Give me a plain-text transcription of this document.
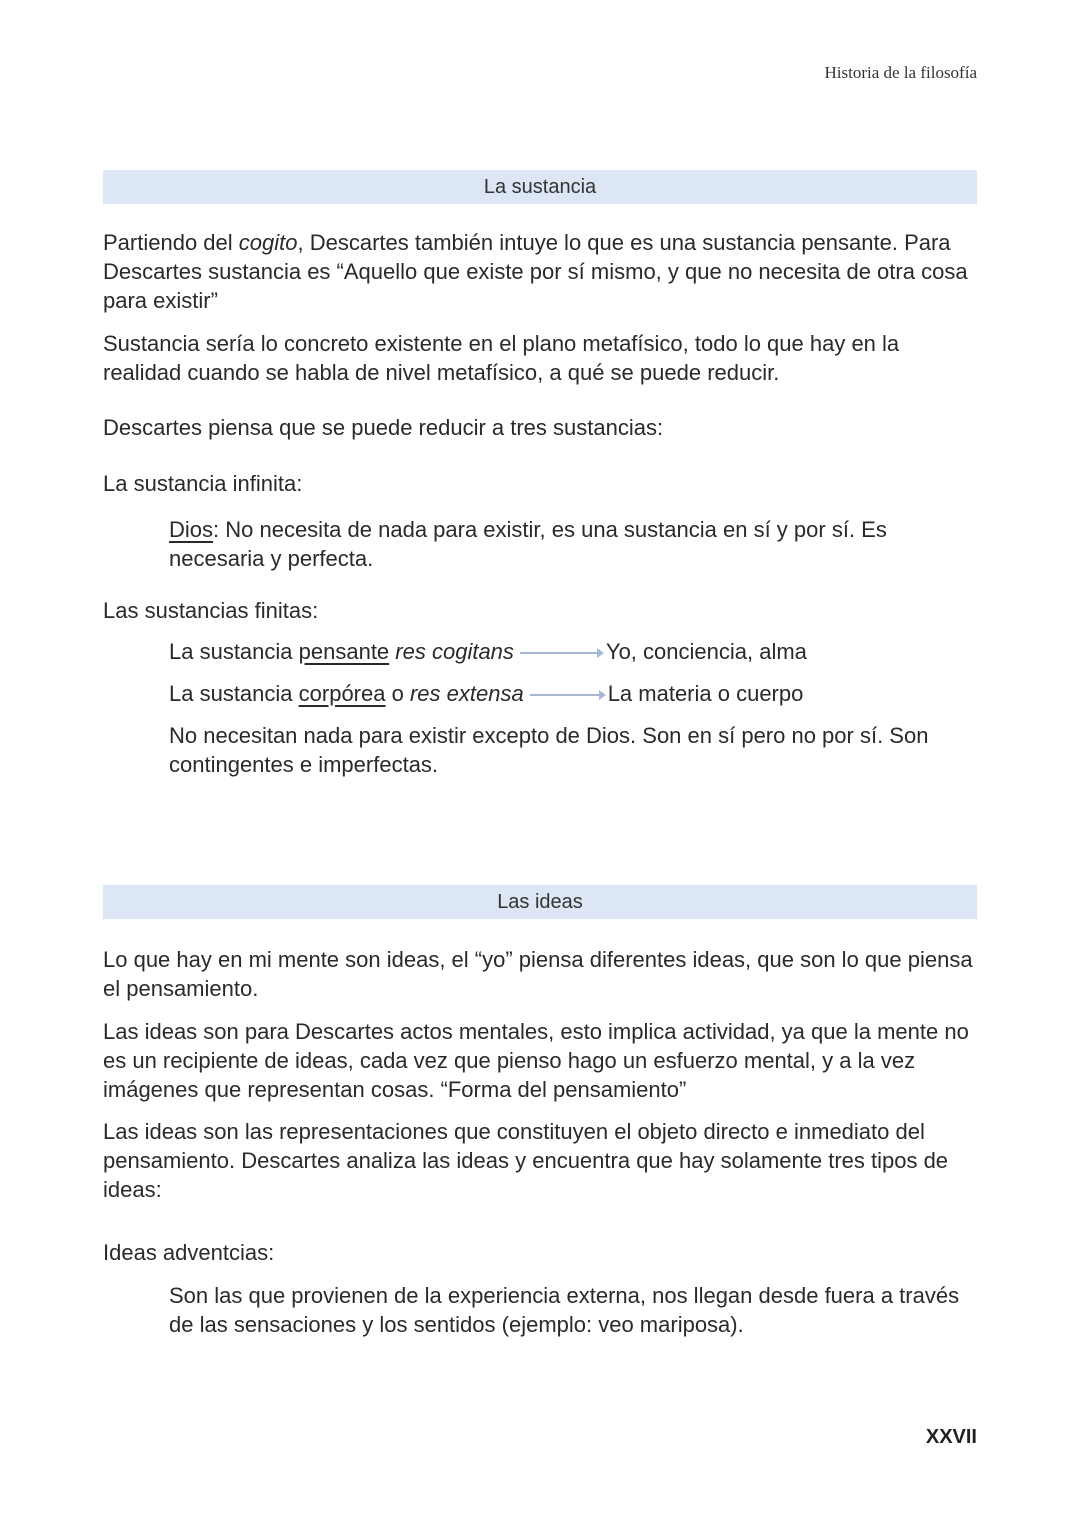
Historia de la filosofía
La sustancia
Partiendo del cogito, Descartes también intuye lo que es una sustancia pensante. Para Descartes sustancia es “Aquello que existe por sí mismo, y que no necesita de otra cosa para existir”
Sustancia sería lo concreto existente en el plano metafísico, todo lo que hay en la realidad cuando se habla de nivel metafísico, a qué se puede reducir.
Descartes piensa que se puede reducir a tres sustancias:
La sustancia infinita:
Dios: No necesita de nada para existir, es una sustancia en sí y por sí. Es necesaria y perfecta.
Las sustancias finitas:
La sustancia pensante res cogitans	Yo, conciencia, alma
La sustancia corpórea o res extensa	La materia o cuerpo
No necesitan nada para existir excepto de Dios. Son en sí pero no por sí. Son contingentes e imperfectas.
Las ideas
Lo que hay en mi mente son ideas, el “yo” piensa diferentes ideas, que son lo que piensa el pensamiento.
Las ideas son para Descartes actos mentales, esto implica actividad, ya que la mente no es un recipiente de ideas, cada vez que pienso hago un esfuerzo mental, y a la vez imágenes que representan cosas. “Forma del pensamiento”
Las ideas son las representaciones que constituyen el objeto directo e inmediato del pensamiento. Descartes analiza las ideas y encuentra que hay solamente tres tipos de ideas:
Ideas adventcias:
Son las que provienen de la experiencia externa, nos llegan desde fuera a través de las sensaciones y los sentidos (ejemplo: veo mariposa).
XXVII
